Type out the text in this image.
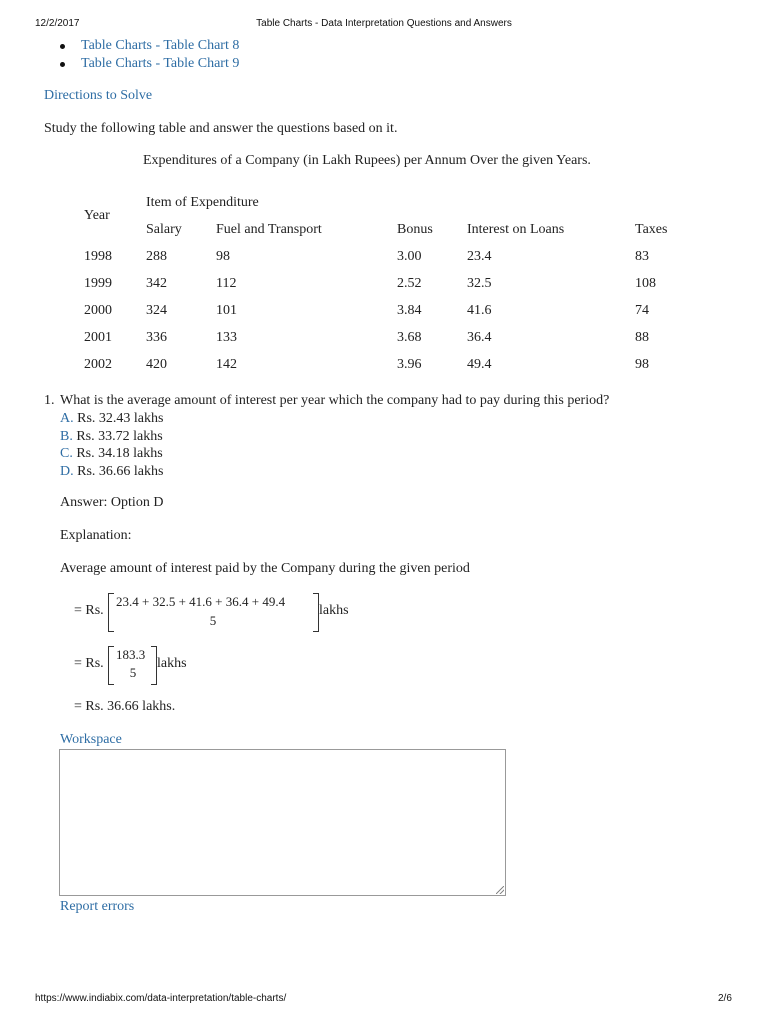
12/2/2017	Table Charts - Data Interpretation Questions and Answers
Table Charts - Table Chart 8
Table Charts - Table Chart 9
Directions to Solve
Study the following table and answer the questions based on it.
Expenditures of a Company (in Lakh Rupees) per Annum Over the given Years.
Year	Item of Expenditure				
	Salary	Fuel and Transport	Bonus	Interest on Loans	Taxes
1998	288	98	3.00	23.4	83
1999	342	112	2.52	32.5	108
2000	324	101	3.84	41.6	74
2001	336	133	3.68	36.4	88
2002	420	142	3.96	49.4	98
1. What is the average amount of interest per year which the company had to pay during this period?
A. Rs. 32.43 lakhs
B. Rs. 33.72 lakhs
C. Rs. 34.18 lakhs
D. Rs. 36.66 lakhs
Answer: Option D
Explanation:
Average amount of interest paid by the Company during the given period
= Rs.
23.4 + 32.5 + 41.6 + 36.4 + 49.4
5
lakhs
= Rs.
183.3
5
lakhs
= Rs. 36.66 lakhs.
Workspace
Report errors
https://www.indiabix.com/data-interpretation/table-charts/	2/6
